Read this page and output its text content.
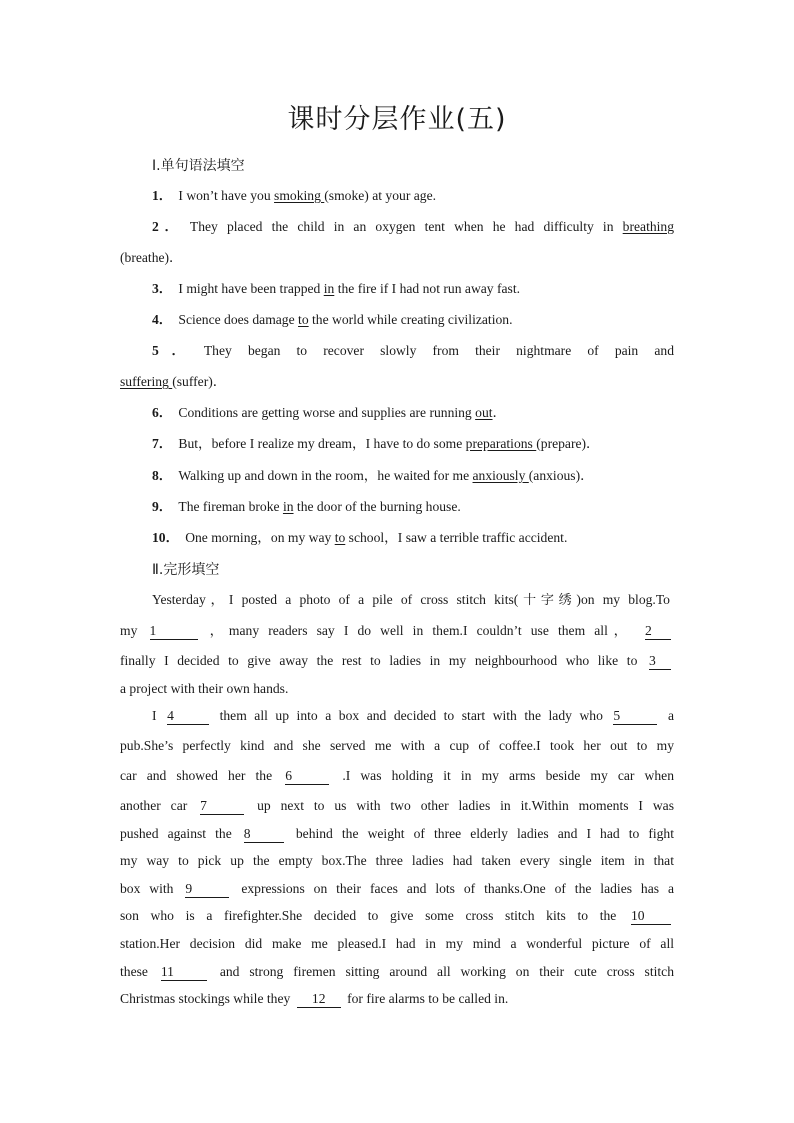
课时分层作业(五)
Ⅰ.单句语法填空
1． I won’t have you smoking (smoke) at your age.
2． They placed the child in an oxygen tent when he had difficulty in breathing
(breathe)．
3． I might have been trapped in the fire if I had not run away fast.
4． Science does damage to the world while creating civilization.
5． They began to recover slowly from their nightmare of pain and
suffering (suffer)．
6． Conditions are getting worse and supplies are running out．
7． But，before I realize my dream，I have to do some preparations (prepare)．
8． Walking up and down in the room，he waited for me anxiously (anxious)．
9． The fireman broke in the door of the burning house.
10． One morning，on my way to school，I saw a terrible traffic accident.
Ⅱ.完形填空
Yesterday，I posted a photo of a pile of cross stitch kits(十字绣)on my blog.To
my 1	，many readers say I do well in them.I couldn’t use them all， 2
finally I decided to give away the rest to ladies in my neighbourhood who like to 3
a project with their own hands.
I 4	them all up into a box and decided to start with the lady who 5	a
pub.She’s perfectly kind and she served me with a cup of coffee.I took her out to my
car and showed her the 6	.I was holding it in my arms beside my car when
another car 7	up next to us with two other ladies in it.Within moments I was
pushed against the 8	behind the weight of three elderly ladies and I had to fight
my way to pick up the empty box.The three ladies had taken every single item in that
box with 9	expressions on their faces and lots of thanks.One of the ladies has a
son who is a firefighter.She decided to give some cross stitch kits to the 10
station.Her decision did make me pleased.I had in my mind a wonderful picture of all
these 11	and strong firemen sitting around all working on their cute cross stitch
Christmas stockings while they 12 for fire alarms to be called in.
